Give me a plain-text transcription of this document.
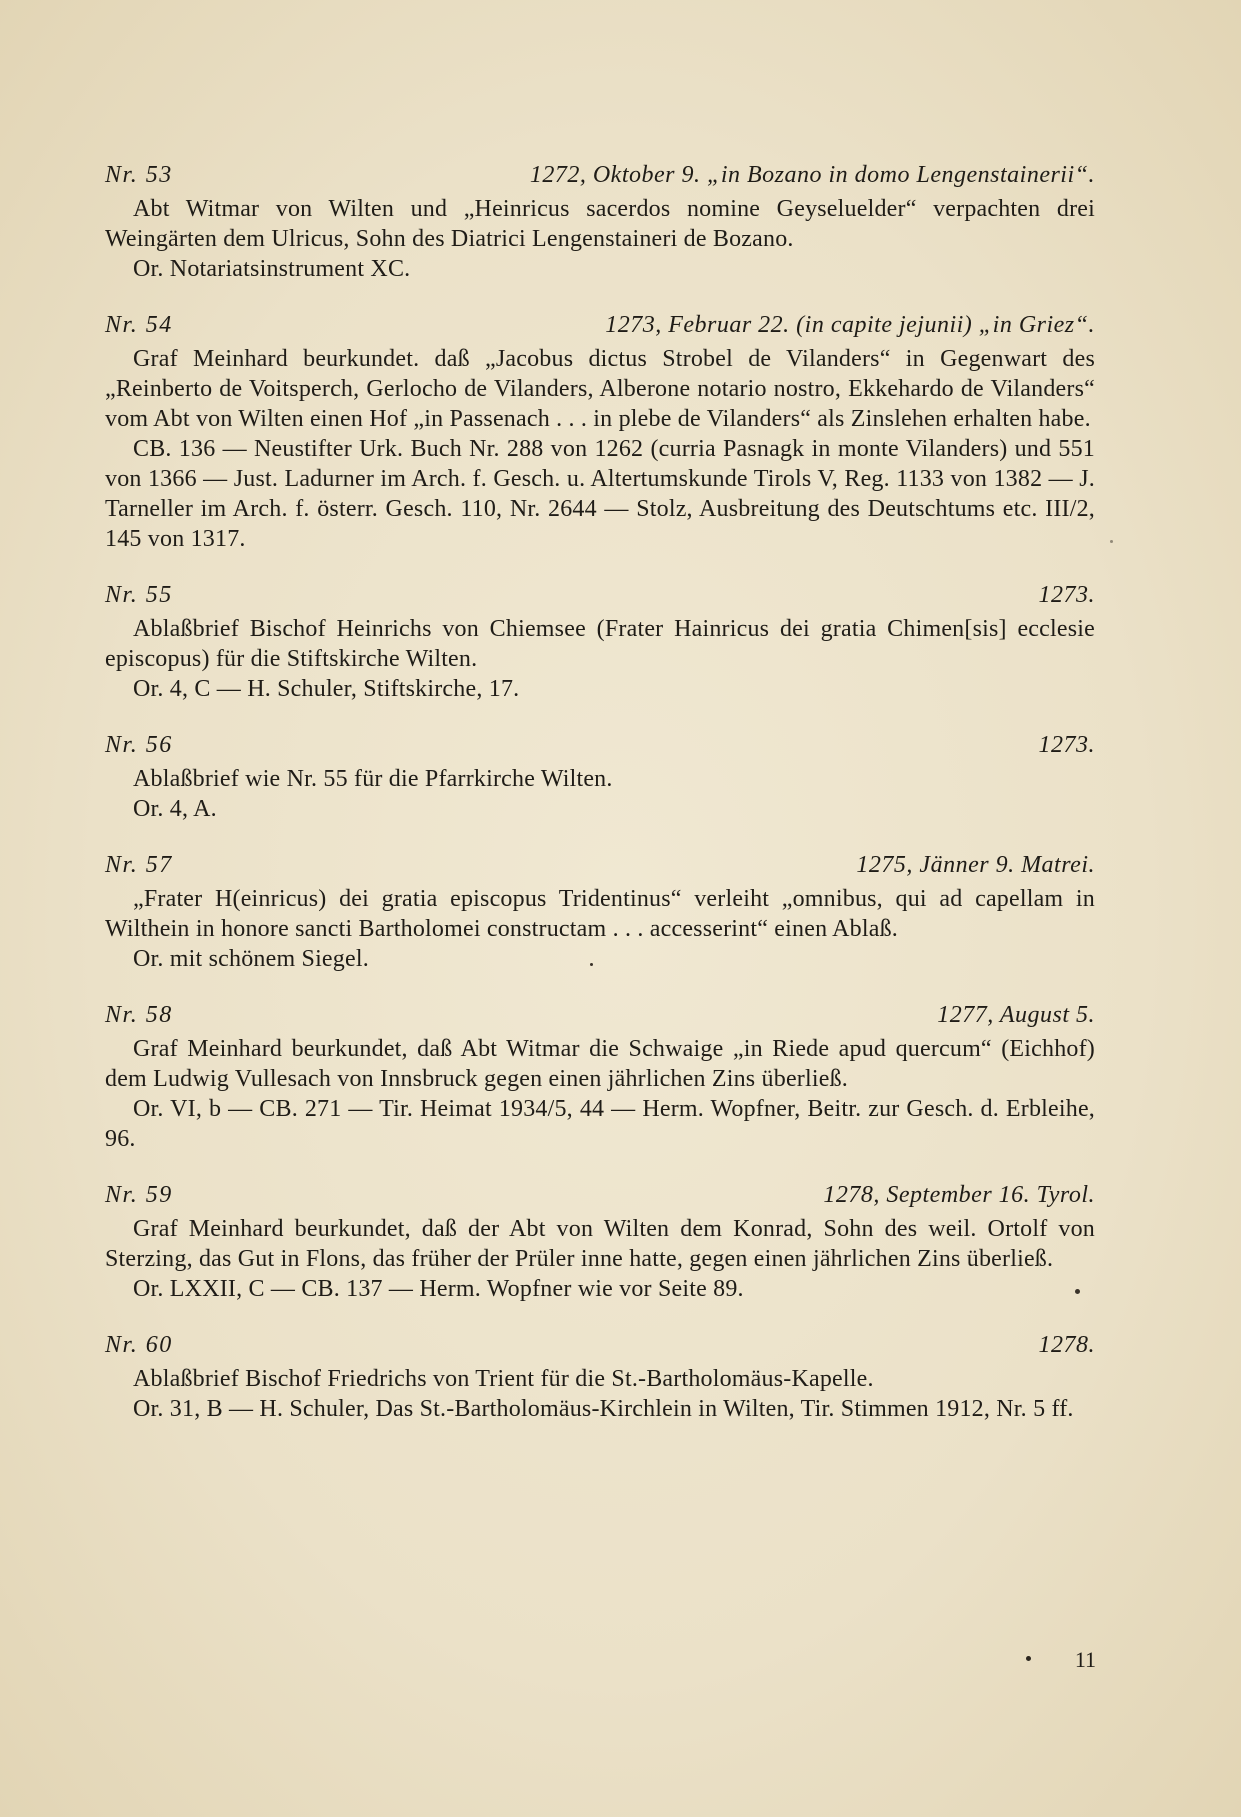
Nr. 53	1272, Oktober 9. „in Bozano in domo Lengenstainerii“.

Abt Witmar von Wilten und „Heinricus sacerdos nomine Geyseluelder“ verpachten drei Weingärten dem Ulricus, Sohn des Diatrici Lengenstaineri de Bozano.

Or. Notariatsinstrument XC.

Nr. 54	1273, Februar 22. (in capite jejunii) „in Griez“.

Graf Meinhard beurkundet. daß „Jacobus dictus Strobel de Vilanders“ in Gegenwart des „Reinberto de Voitsperch, Gerlocho de Vilanders, Alberone notario nostro, Ekkehardo de Vilanders“ vom Abt von Wilten einen Hof „in Passenach . . . in plebe de Vilanders“ als Zinslehen erhalten habe.

CB. 136 — Neustifter Urk. Buch Nr. 288 von 1262 (curria Pasnagk in monte Vilanders) und 551 von 1366 — Just. Ladurner im Arch. f. Gesch. u. Altertumskunde Tirols V, Reg. 1133 von 1382 — J. Tarneller im Arch. f. österr. Gesch. 110, Nr. 2644 — Stolz, Ausbreitung des Deutschtums etc. III/2, 145 von 1317.

Nr. 55	1273.

Ablaßbrief Bischof Heinrichs von Chiemsee (Frater Hainricus dei gratia Chimen[sis] ecclesie episcopus) für die Stiftskirche Wilten.

Or. 4, C — H. Schuler, Stiftskirche, 17.

Nr. 56	1273.

Ablaßbrief wie Nr. 55 für die Pfarrkirche Wilten.

Or. 4, A.

Nr. 57	1275, Jänner 9. Matrei.

„Frater H(einricus) dei gratia episcopus Tridentinus“ verleiht „omnibus, qui ad capellam in Wilthein in honore sancti Bartholomei constructam . . . accesserint“ einen Ablaß.

Or. mit schönem Siegel.

Nr. 58	1277, August 5.

Graf Meinhard beurkundet, daß Abt Witmar die Schwaige „in Riede apud quercum“ (Eichhof) dem Ludwig Vullesach von Innsbruck gegen einen jährlichen Zins überließ.

Or. VI, b — CB. 271 — Tir. Heimat 1934/5, 44 — Herm. Wopfner, Beitr. zur Gesch. d. Erbleihe, 96.

Nr. 59	1278, September 16. Tyrol.

Graf Meinhard beurkundet, daß der Abt von Wilten dem Konrad, Sohn des weil. Ortolf von Sterzing, das Gut in Flons, das früher der Prüler inne hatte, gegen einen jährlichen Zins überließ.

Or. LXXII, C — CB. 137 — Herm. Wopfner wie vor Seite 89.

Nr. 60	1278.

Ablaßbrief Bischof Friedrichs von Trient für die St.-Bartholomäus-Kapelle.

Or. 31, B — H. Schuler, Das St.-Bartholomäus-Kirchlein in Wilten, Tir. Stimmen 1912, Nr. 5 ff.

11
